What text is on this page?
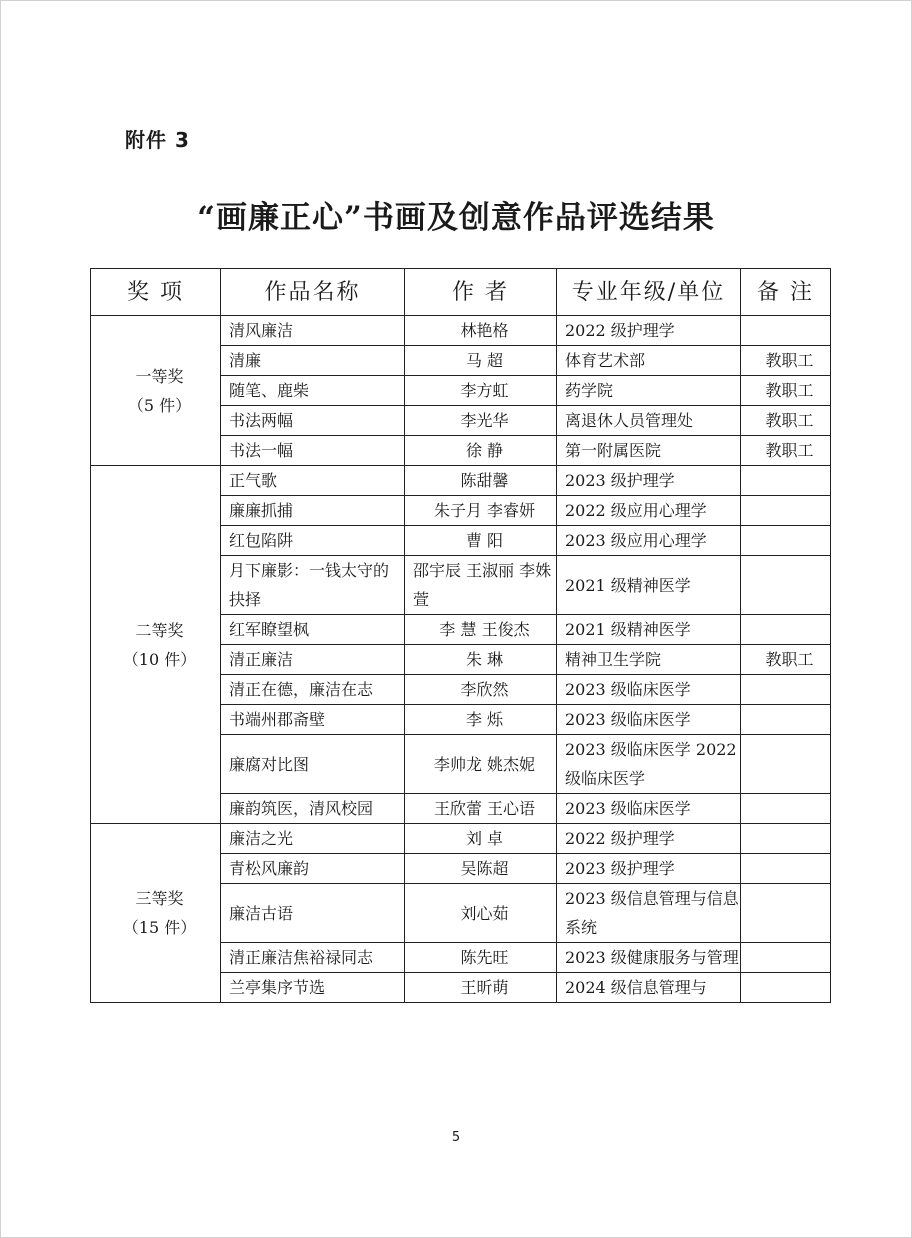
附件 3
“画廉正心”书画及创意作品评选结果
奖 项	作品名称	作 者	专业年级/单位	备 注

一等奖
（5 件）	清风廉洁	林艳格	2022 级护理学	
	清廉	马 超	体育艺术部	教职工
	随笔、鹿柴	李方虹	药学院	教职工
	书法两幅	李光华	离退休人员管理处	教职工
	书法一幅	徐 静	第一附属医院	教职工

二等奖
（10 件）	正气歌	陈甜馨	2023 级护理学	
	廉廉抓捕	朱子月 李睿妍	2022 级应用心理学	
	红包陷阱	曹 阳	2023 级应用心理学	
	月下廉影：一钱太守的抉择	邵宇辰 王淑丽 李姝萱	2021 级精神医学	
	红军瞭望枫	李 慧 王俊杰	2021 级精神医学	
	清正廉洁	朱 琳	精神卫生学院	教职工
	清正在德，廉洁在志	李欣然	2023 级临床医学	
	书端州郡斋壁	李 烁	2023 级临床医学	
	廉腐对比图	李帅龙 姚杰妮	2023 级临床医学 2022 级临床医学	
	廉韵筑医，清风校园	王欣蕾 王心语	2023 级临床医学	

三等奖
（15 件）	廉洁之光	刘 卓	2022 级护理学	
	青松风廉韵	吴陈超	2023 级护理学	
	廉洁古语	刘心茹	2023 级信息管理与信息系统	
	清正廉洁焦裕禄同志	陈先旺	2023 级健康服务与管理	
	兰亭集序节选	王昕萌	2024 级信息管理与	
5
